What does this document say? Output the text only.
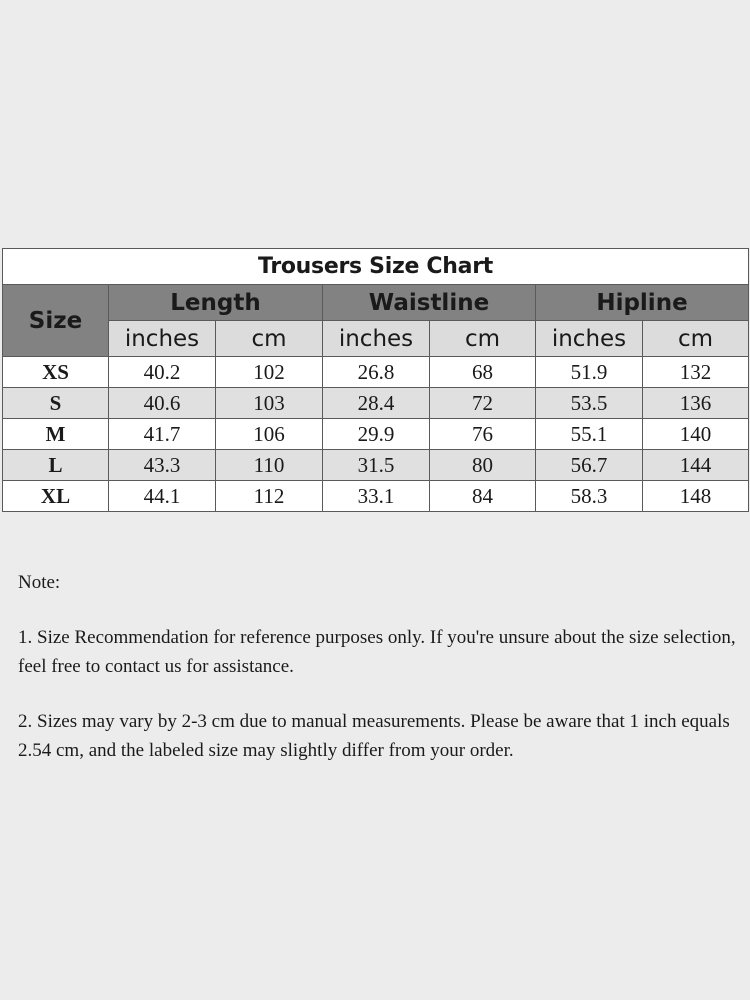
Trousers Size Chart						
Size	Length		Waistline		Hipline	
	inches	cm	inches	cm	inches	cm
XS	40.2	102	26.8	68	51.9	132
S	40.6	103	28.4	72	53.5	136
M	41.7	106	29.9	76	55.1	140
L	43.3	110	31.5	80	56.7	144
XL	44.1	112	33.1	84	58.3	148

Note:

1. Size Recommendation for reference purposes only. If you're unsure about the size selection, feel free to contact us for assistance.

2. Sizes may vary by 2-3 cm due to manual measurements. Please be aware that 1 inch equals 2.54 cm, and the labeled size may slightly differ from your order.
